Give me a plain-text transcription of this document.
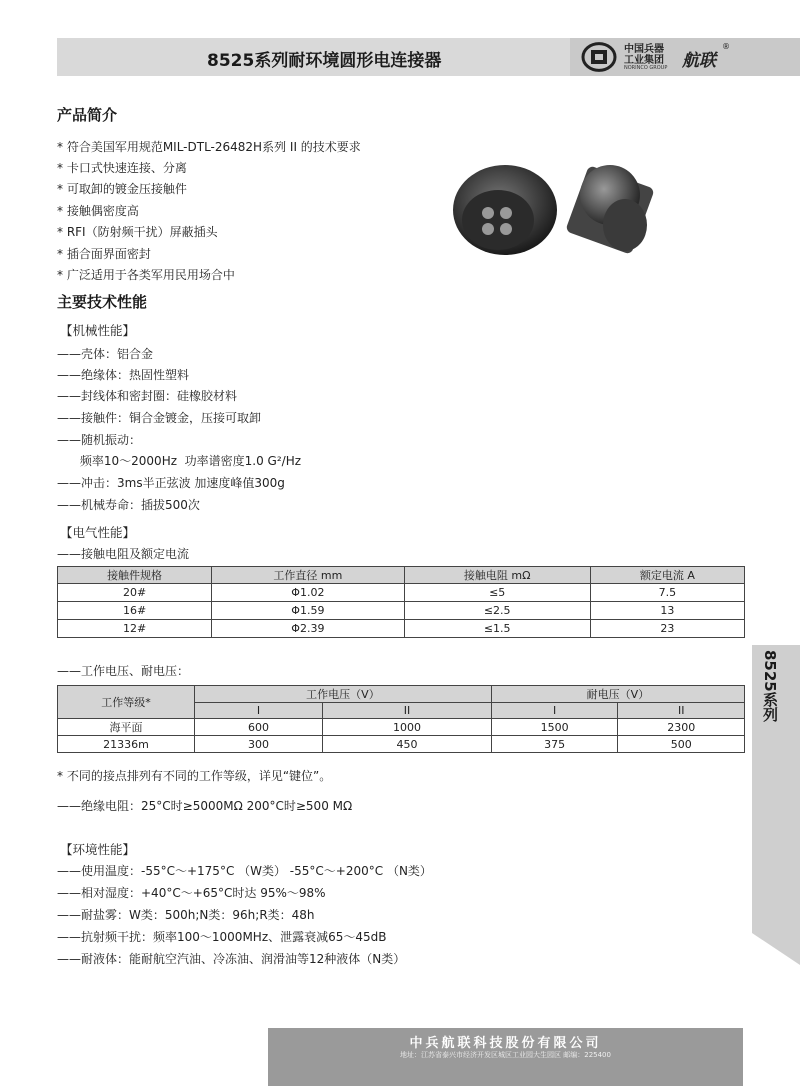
8525系列耐环境圆形电连接器
中国兵器
工业集团
NORINCO GROUP 航联
®
产品简介
* 符合美国军用规范MIL-DTL-26482H系列 II 的技术要求
* 卡口式快速连接、分离
* 可取卸的镀金压接触件
* 接触偶密度高
* RFI（防射频干扰）屏蔽插头
* 插合面界面密封
* 广泛适用于各类军用民用场合中
主要技术性能
【机械性能】
——壳体：铝合金
——绝缘体：热固性塑料
——封线体和密封圈：硅橡胶材料
——接触件：铜合金镀金，压接可取卸
——随机振动：
频率10～2000Hz  功率谱密度1.0 G²/Hz
——冲击：3ms半正弦波 加速度峰值300g
——机械寿命：插拔500次
【电气性能】
——接触电阻及额定电流
接触件规格	工作直径 mm	接触电阻 mΩ	额定电流 A
20#	Φ1.02	≤5	7.5
16#	Φ1.59	≤2.5	13
12#	Φ2.39	≤1.5	23
——工作电压、耐电压：
工作等级*	工作电压（V）		耐电压（V）	
	I	II	I	II
海平面	600	1000	1500	2300
21336m	300	450	375	500
* 不同的接点排列有不同的工作等级，详见“键位”。
——绝缘电阻：25°C时≥5000MΩ 200°C时≥500 MΩ
【环境性能】
——使用温度：-55°C～+175°C （W类） -55°C～+200°C （N类）
——相对湿度：+40°C～+65°C时达 95%～98%
——耐盐雾：W类：500h;N类：96h;R类：48h
——抗射频干扰：频率100～1000MHz、泄露衰减65～45dB
——耐液体：能耐航空汽油、冷冻油、润滑油等12种液体（N类）
8525系列
中兵航联科技股份有限公司
地址：江苏省泰兴市经济开发区城区工业园大生园区 邮编：225400
